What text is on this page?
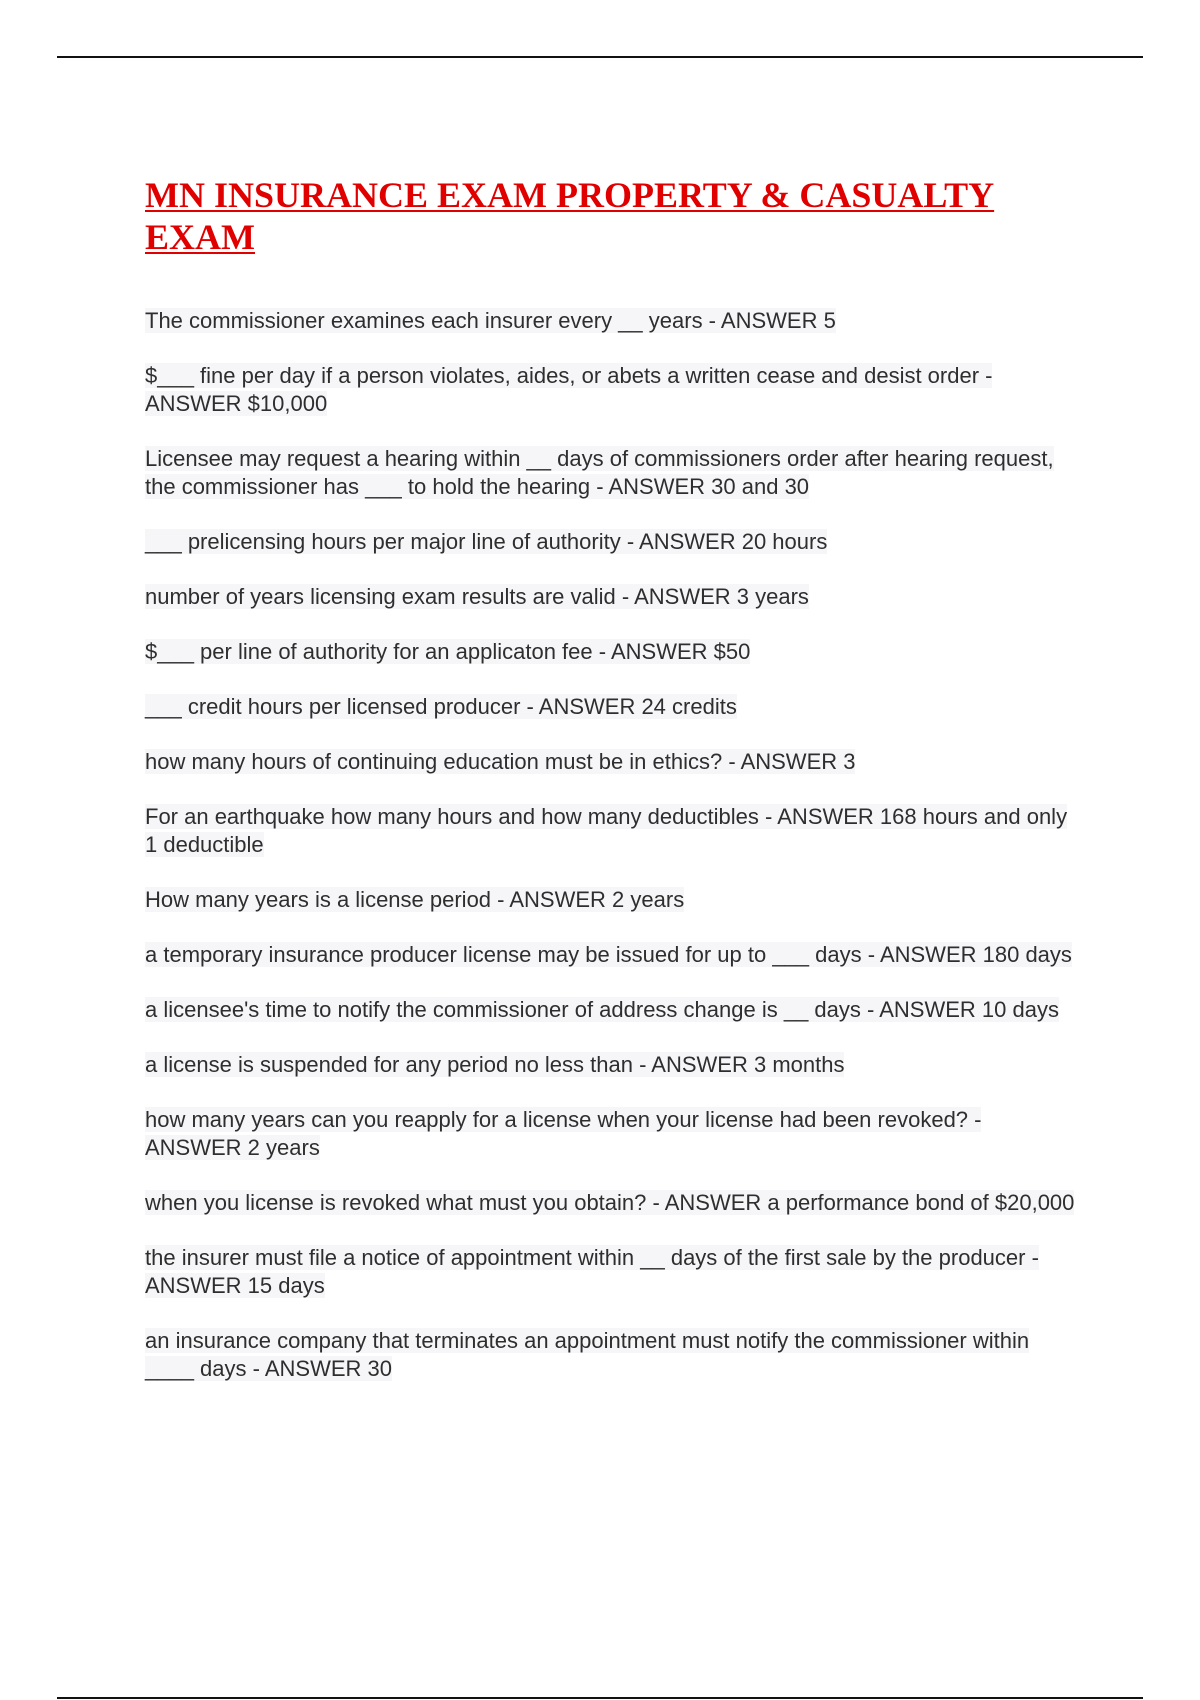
MN INSURANCE EXAM PROPERTY & CASUALTY EXAM
The commissioner examines each insurer every __ years - ANSWER 5
$___ fine per day if a person violates, aides, or abets a written cease and desist order - ANSWER $10,000
Licensee may request a hearing within __ days of commissioners order after hearing request, the commissioner has ___ to hold the hearing - ANSWER 30 and 30
___ prelicensing hours per major line of authority - ANSWER 20 hours
number of years licensing exam results are valid - ANSWER 3 years
$___ per line of authority for an applicaton fee - ANSWER $50
___ credit hours per licensed producer - ANSWER 24 credits
how many hours of continuing education must be in ethics? - ANSWER 3
For an earthquake how many hours and how many deductibles - ANSWER 168 hours and only 1 deductible
How many years is a license period - ANSWER 2 years
a temporary insurance producer license may be issued for up to ___ days - ANSWER 180 days
a licensee's time to notify the commissioner of address change is __ days - ANSWER 10 days
a license is suspended for any period no less than - ANSWER 3 months
how many years can you reapply for a license when your license had been revoked? - ANSWER 2 years
when you license is revoked what must you obtain? - ANSWER a performance bond of $20,000
the insurer must file a notice of appointment within __ days of the first sale by the producer - ANSWER 15 days
an insurance company that terminates an appointment must notify the commissioner within ____ days - ANSWER 30
